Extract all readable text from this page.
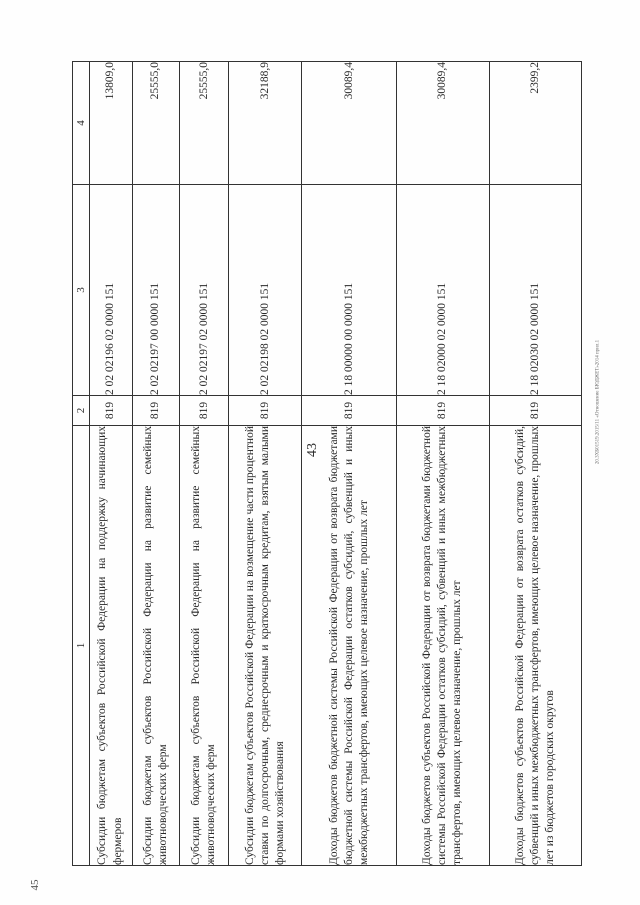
43
1	2	3	4
Субсидии бюджетам субъектов Российской Федерации на поддержку начинающих фермеров	819	2 02 02196 02 0000 151	13809,0
Субсидии бюджетам субъектов Российской Федерации на развитие семейных животноводческих ферм	819	2 02 02197 00 0000 151	25555,0
Субсидии бюджетам субъектов Российской Федерации на развитие семейных животноводческих ферм	819	2 02 02197 02 0000 151	25555,0
Субсидии бюджетам субъектов Российской Федерации на возмещение части процентной ставки по долгосрочным, среднесрочным и краткосрочным кредитам, взятым малыми формами хозяйствования	819	2 02 02198 02 0000 151	32188,9
Доходы бюджетов бюджетной системы Российской Федерации от возврата бюджетами бюджетной системы Российской Федерации остатков субсидий, субвенций и иных межбюджетных трансфертов, имеющих целевое назначение, прошлых лет	819	2 18 00000 00 0000 151	30089,4
Доходы бюджетов субъектов Российской Федерации от возврата бюджетами бюджетной системы Российской Федерации остатков субсидий, субвенций и иных межбюджетных трансфертов, имеющих целевое назначение, прошлых лет	819	2 18 02000 02 0000 151	30089,4
Доходы бюджетов субъектов Российской Федерации от возврата остатков субсидий, субвенций и иных межбюджетных трансфертов, имеющих целевое назначение, прошлых лет из бюджетов городских округов	819	2 18 02030 02 0000 151	2399,2
20.3ХБ01519.2015/11 «Отношение БЮДЖЕТ»2014 прил.1
45
